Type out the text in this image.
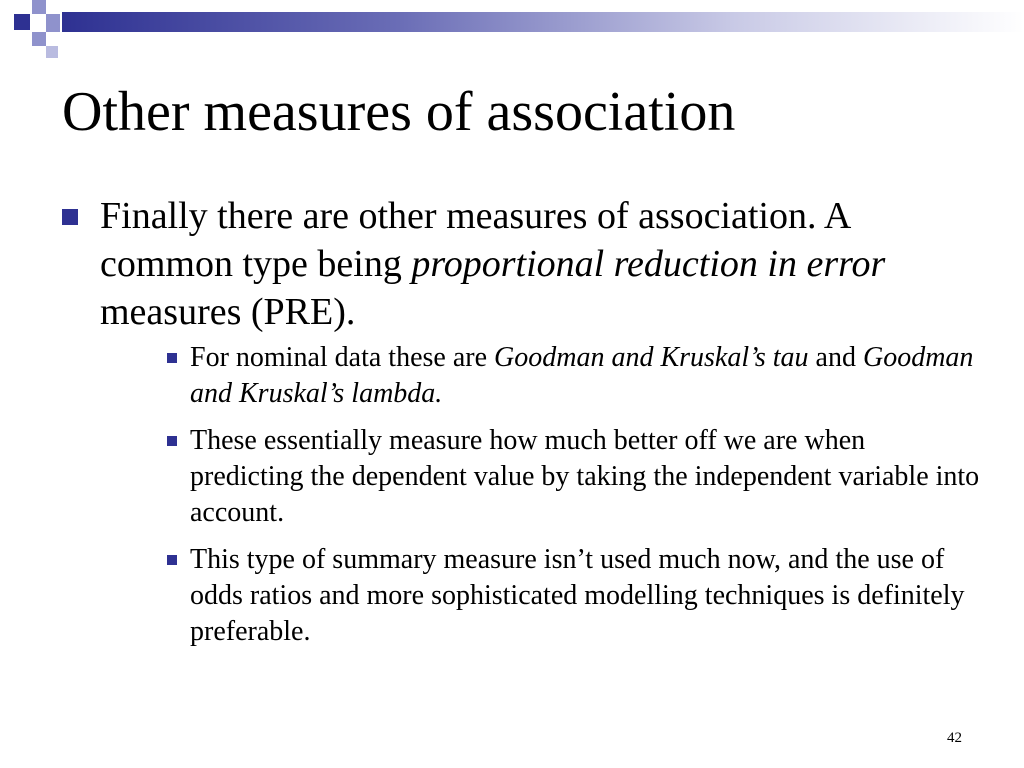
Other measures of association
Finally there are other measures of association. A common type being proportional reduction in error measures (PRE).
For nominal data these are Goodman and Kruskal’s tau and Goodman and Kruskal’s lambda.
These essentially measure how much better off we are when predicting the dependent value by taking the independent variable into account.
This type of summary measure isn’t used much now, and the use of odds ratios and more sophisticated modelling techniques is definitely preferable.
42
